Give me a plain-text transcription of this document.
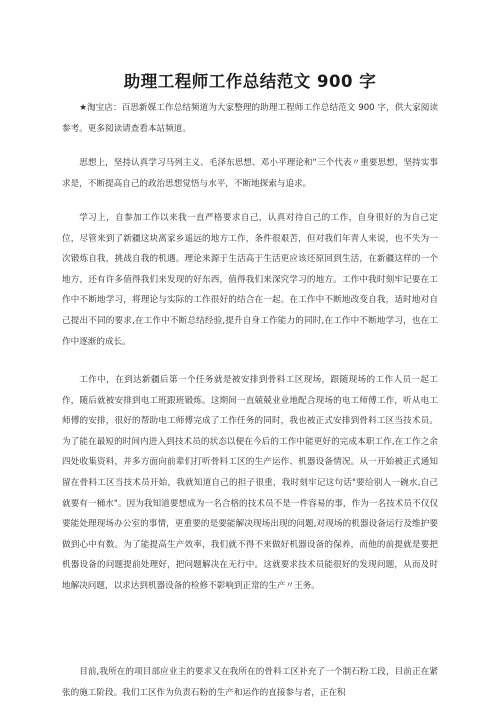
助理工程师工作总结范文 900 字

★淘宝店：百思新媒工作总结频道为大家整理的助理工程师工作总结范文 900 字，供大家阅读参考。更多阅读请查看本站频道。

思想上，坚持认真学习马列主义、毛泽东思想、邓小平理论和“三个代表〃重要思想，坚持实事求是，不断提高自己的政治思想觉悟与水平，不断地探索与追求。

学习上，自参加工作以来我一直严格要求自己，认真对待自己的工作，自身很好的为自己定位，尽管来到了新疆这块离家乡遥远的地方工作，条件很艰苦，但对我们年青人来说，也不失为一次锻炼自我，挑战自我的机遇。理论来源于生活高于生活更应该还原回到生活，在新疆这样的一个地方，还有许多值得我们来发现的好东西，值得我们来深究学习的地方。工作中我时刻牢记要在工作中不断地学习，将理论与实际的工作很好的结合在一起。在工作中不断地改变自我，适时地对自己提出不同的要求,在工作中不断总结经验,提升自身工作能力的同时,在工作中不断地学习，也在工作中逐渐的成长。

工作中，在到达新疆后第一个任务就是被安排到骨料工区现场，跟随现场的工作人员一起工作，随后就被安排到电工班跟班锻炼。这期间一直兢兢业业地配合现场的电工师傅工作，听从电工师傅的安排，很好的帮助电工师傅完成了工作任务的同时，我也被正式安排到骨料工区当技术员。为了能在最短的时间内进入到技术员的状态以便在今后的工作中能更好的完成本职工作,在工作之余四处收集资料，并多方面向前辈们打听骨料工区的生产运作、机器设备情况。从一开始被正式通知留在骨料工区当技术员开始，我就知道自己的担子很重，我时刻牢记这句话"要给别人一碗水,自己就要有一桶水"。因为我知道要想成为一名合格的技术员不是一件容易的事，作为一名技术员不仅仅要能处理现场办公室的事情，更重要的是要能解决现场出现的问题,对现场的机器设备运行及维护要做到心中有数。为了能提高生产效率，我们就不得不来做好机器设备的保养，而他的前提就是要把机器设备的问题提前处理好，把问题解决在无行中。这就要求技术员能很好的发现问题，从而及时地解决问题，以求达到机器设备的检修不影响到正常的生产〃王务。

目前,我所在的项目部应业主的要求又在我所在的骨料工区补充了一个制石粉工段，目前正在紧张的施工阶段。我们工区作为负责石粉的生产和运作的直接参与者，正在积
